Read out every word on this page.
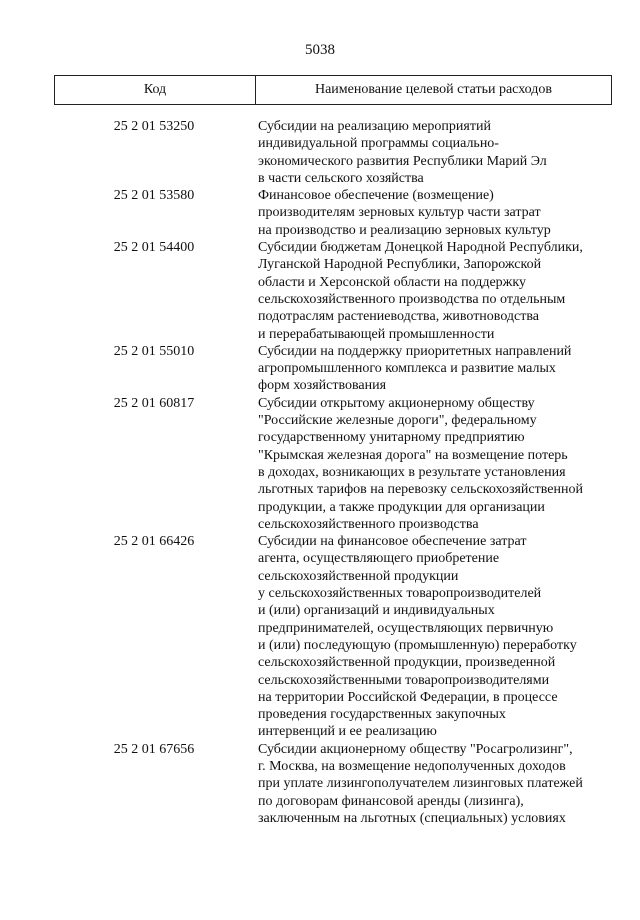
5038
Код	Наименование целевой статьи расходов
25 2 01 53250	Субсидии на реализацию мероприятий
индивидуальной программы социально-
экономического развития Республики Марий Эл
в части сельского хозяйства
25 2 01 53580	Финансовое обеспечение (возмещение)
производителям зерновых культур части затрат
на производство и реализацию зерновых культур
25 2 01 54400	Субсидии бюджетам Донецкой Народной Республики,
Луганской Народной Республики, Запорожской
области и Херсонской области на поддержку
сельскохозяйственного производства по отдельным
подотраслям растениеводства, животноводства
и перерабатывающей промышленности
25 2 01 55010	Субсидии на поддержку приоритетных направлений
агропромышленного комплекса и развитие малых
форм хозяйствования
25 2 01 60817	Субсидии открытому акционерному обществу
"Российские железные дороги", федеральному
государственному унитарному предприятию
"Крымская железная дорога" на возмещение потерь
в доходах, возникающих в результате установления
льготных тарифов на перевозку сельскохозяйственной
продукции, а также продукции для организации
сельскохозяйственного производства
25 2 01 66426	Субсидии на финансовое обеспечение затрат
агента, осуществляющего приобретение
сельскохозяйственной продукции
у сельскохозяйственных товаропроизводителей
и (или) организаций и индивидуальных
предпринимателей, осуществляющих первичную
и (или) последующую (промышленную) переработку
сельскохозяйственной продукции, произведенной
сельскохозяйственными товаропроизводителями
на территории Российской Федерации, в процессе
проведения государственных закупочных
интервенций и ее реализацию
25 2 01 67656	Субсидии акционерному обществу "Росагролизинг",
г. Москва, на возмещение недополученных доходов
при уплате лизингополучателем лизинговых платежей
по договорам финансовой аренды (лизинга),
заключенным на льготных (специальных) условиях
